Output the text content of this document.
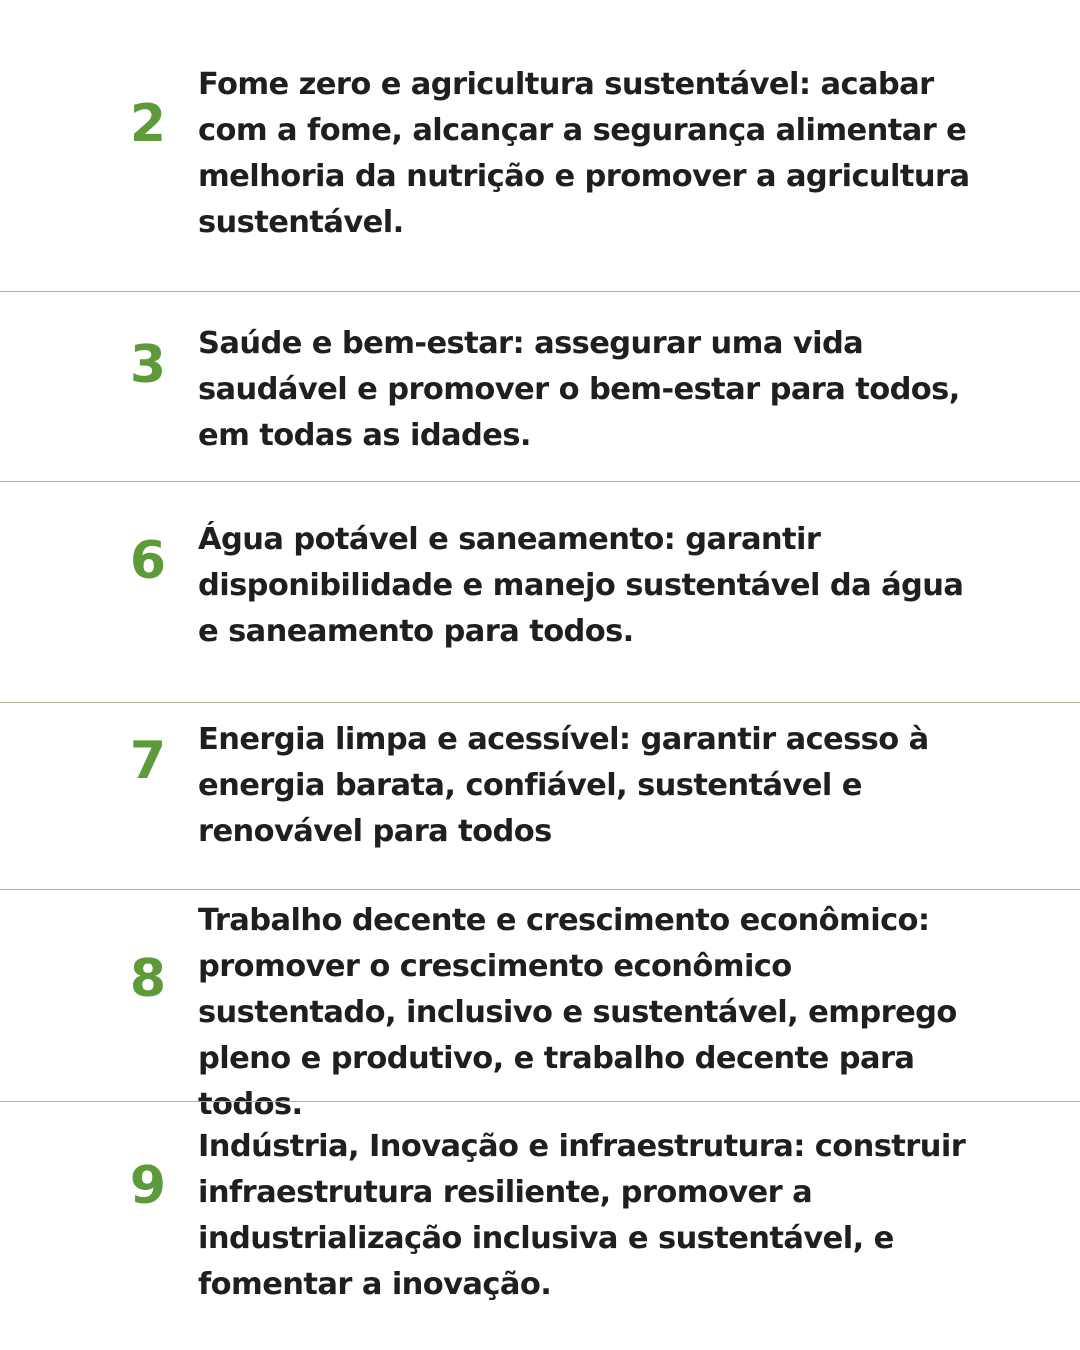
2

Fome zero e agricultura sustentável: acabar com a fome, alcançar a segurança alimentar e melhoria da nutrição e promover a agricultura sustentável.

3 Saúde e bem-estar: assegurar uma vida saudável e promover o bem-estar para todos, em todas as idades.

6 Água potável e saneamento: garantir disponibilidade e manejo sustentável da água e saneamento para todos.

7 Energia limpa e acessível: garantir acesso à energia barata, confiável, sustentável e renovável para todos

8

Trabalho decente e crescimento econômico: promover o crescimento econômico sustentado, inclusivo e sustentável, emprego pleno e produtivo, e trabalho decente para todos.

9

Indústria, Inovação e infraestrutura: construir infraestrutura resiliente, promover a industrialização inclusiva e sustentável, e fomentar a inovação.
